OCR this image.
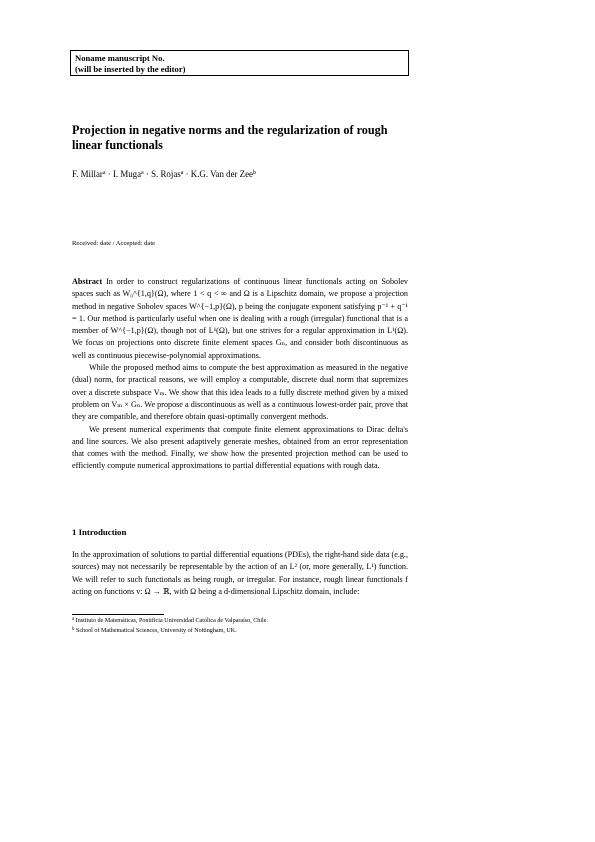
Noname manuscript No.
(will be inserted by the editor)
Projection in negative norms and the regularization of rough linear functionals
F. Millar$^a$ · I. Muga$^a$ · S. Rojas$^a$ · K.G. Van der Zee$^b$
Received: date / Accepted: date

Abstract In order to construct regularizations of continuous linear functionals acting on Sobolev spaces such as W₀^{1,q}(Ω), where 1 < q < ∞ and Ω is a Lipschitz domain, we propose a projection method in negative Sobolev spaces W^{−1,p}(Ω), p being the conjugate exponent satisfying p⁻¹ + q⁻¹ = 1. Our method is particularly useful when one is dealing with a rough (irregular) functional that is a member of W^{−1,p}(Ω), though not of L¹(Ω), but one strives for a regular approximation in L¹(Ω). We focus on projections onto discrete finite element spaces Gₙ, and consider both discontinuous as well as continuous piecewise-polynomial approximations.

While the proposed method aims to compute the best approximation as measured in the negative (dual) norm, for practical reasons, we will employ a computable, discrete dual norm that supremizes over a discrete subspace Vₘ. We show that this idea leads to a fully discrete method given by a mixed problem on Vₘ × Gₙ. We propose a discontinuous as well as a continuous lowest-order pair, prove that they are compatible, and therefore obtain quasi-optimally convergent methods.

We present numerical experiments that compute finite element approximations to Dirac delta's and line sources. We also present adaptively generate meshes, obtained from an error representation that comes with the method. Finally, we show how the presented projection method can be used to efficiently compute numerical approximations to partial differential equations with rough data.

1 Introduction

In the approximation of solutions to partial differential equations (PDEs), the right-hand side data (e.g., sources) may not necessarily be representable by the action of an L² (or, more generally, L¹) function. We will refer to such functionals as being rough, or irregular. For instance, rough linear functionals f acting on functions v: Ω → ℝ, with Ω being a d-dimensional Lipschitz domain, include:

$^a$ Instituto de Matemáticas, Pontificia Universidad Católica de Valparaíso, Chile.
$^b$ School of Mathematical Sciences, University of Nottingham, UK.
